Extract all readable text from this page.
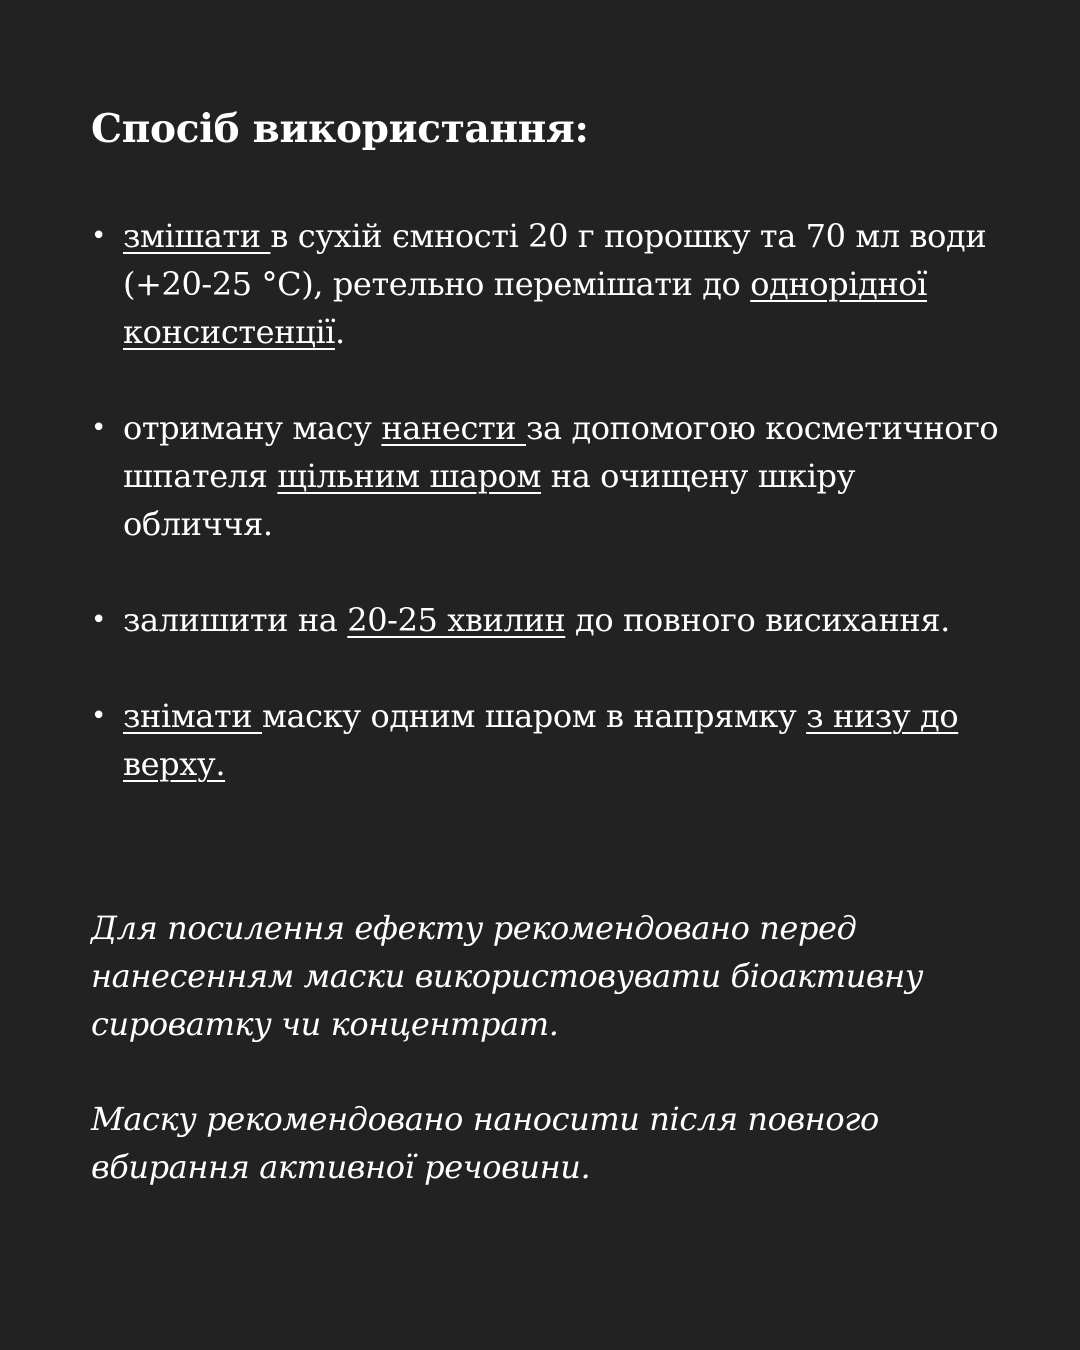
Спосіб використання:
• змішати в сухій ємності 20 г порошку та 70 мл води (+20-25 °С), ретельно перемішати до однорідної консистенції.
• отриману масу нанести за допомогою косметичного шпателя щільним шаром на очищену шкіру обличчя.
• залишити на 20-25 хвилин до повного висихання.
• знімати маску одним шаром в напрямку з низу до верху.

Для посилення ефекту рекомендовано перед нанесенням маски використовувати біоактивну сироватку чи концентрат.

Маску рекомендовано наносити після повного вбирання активної речовини.
